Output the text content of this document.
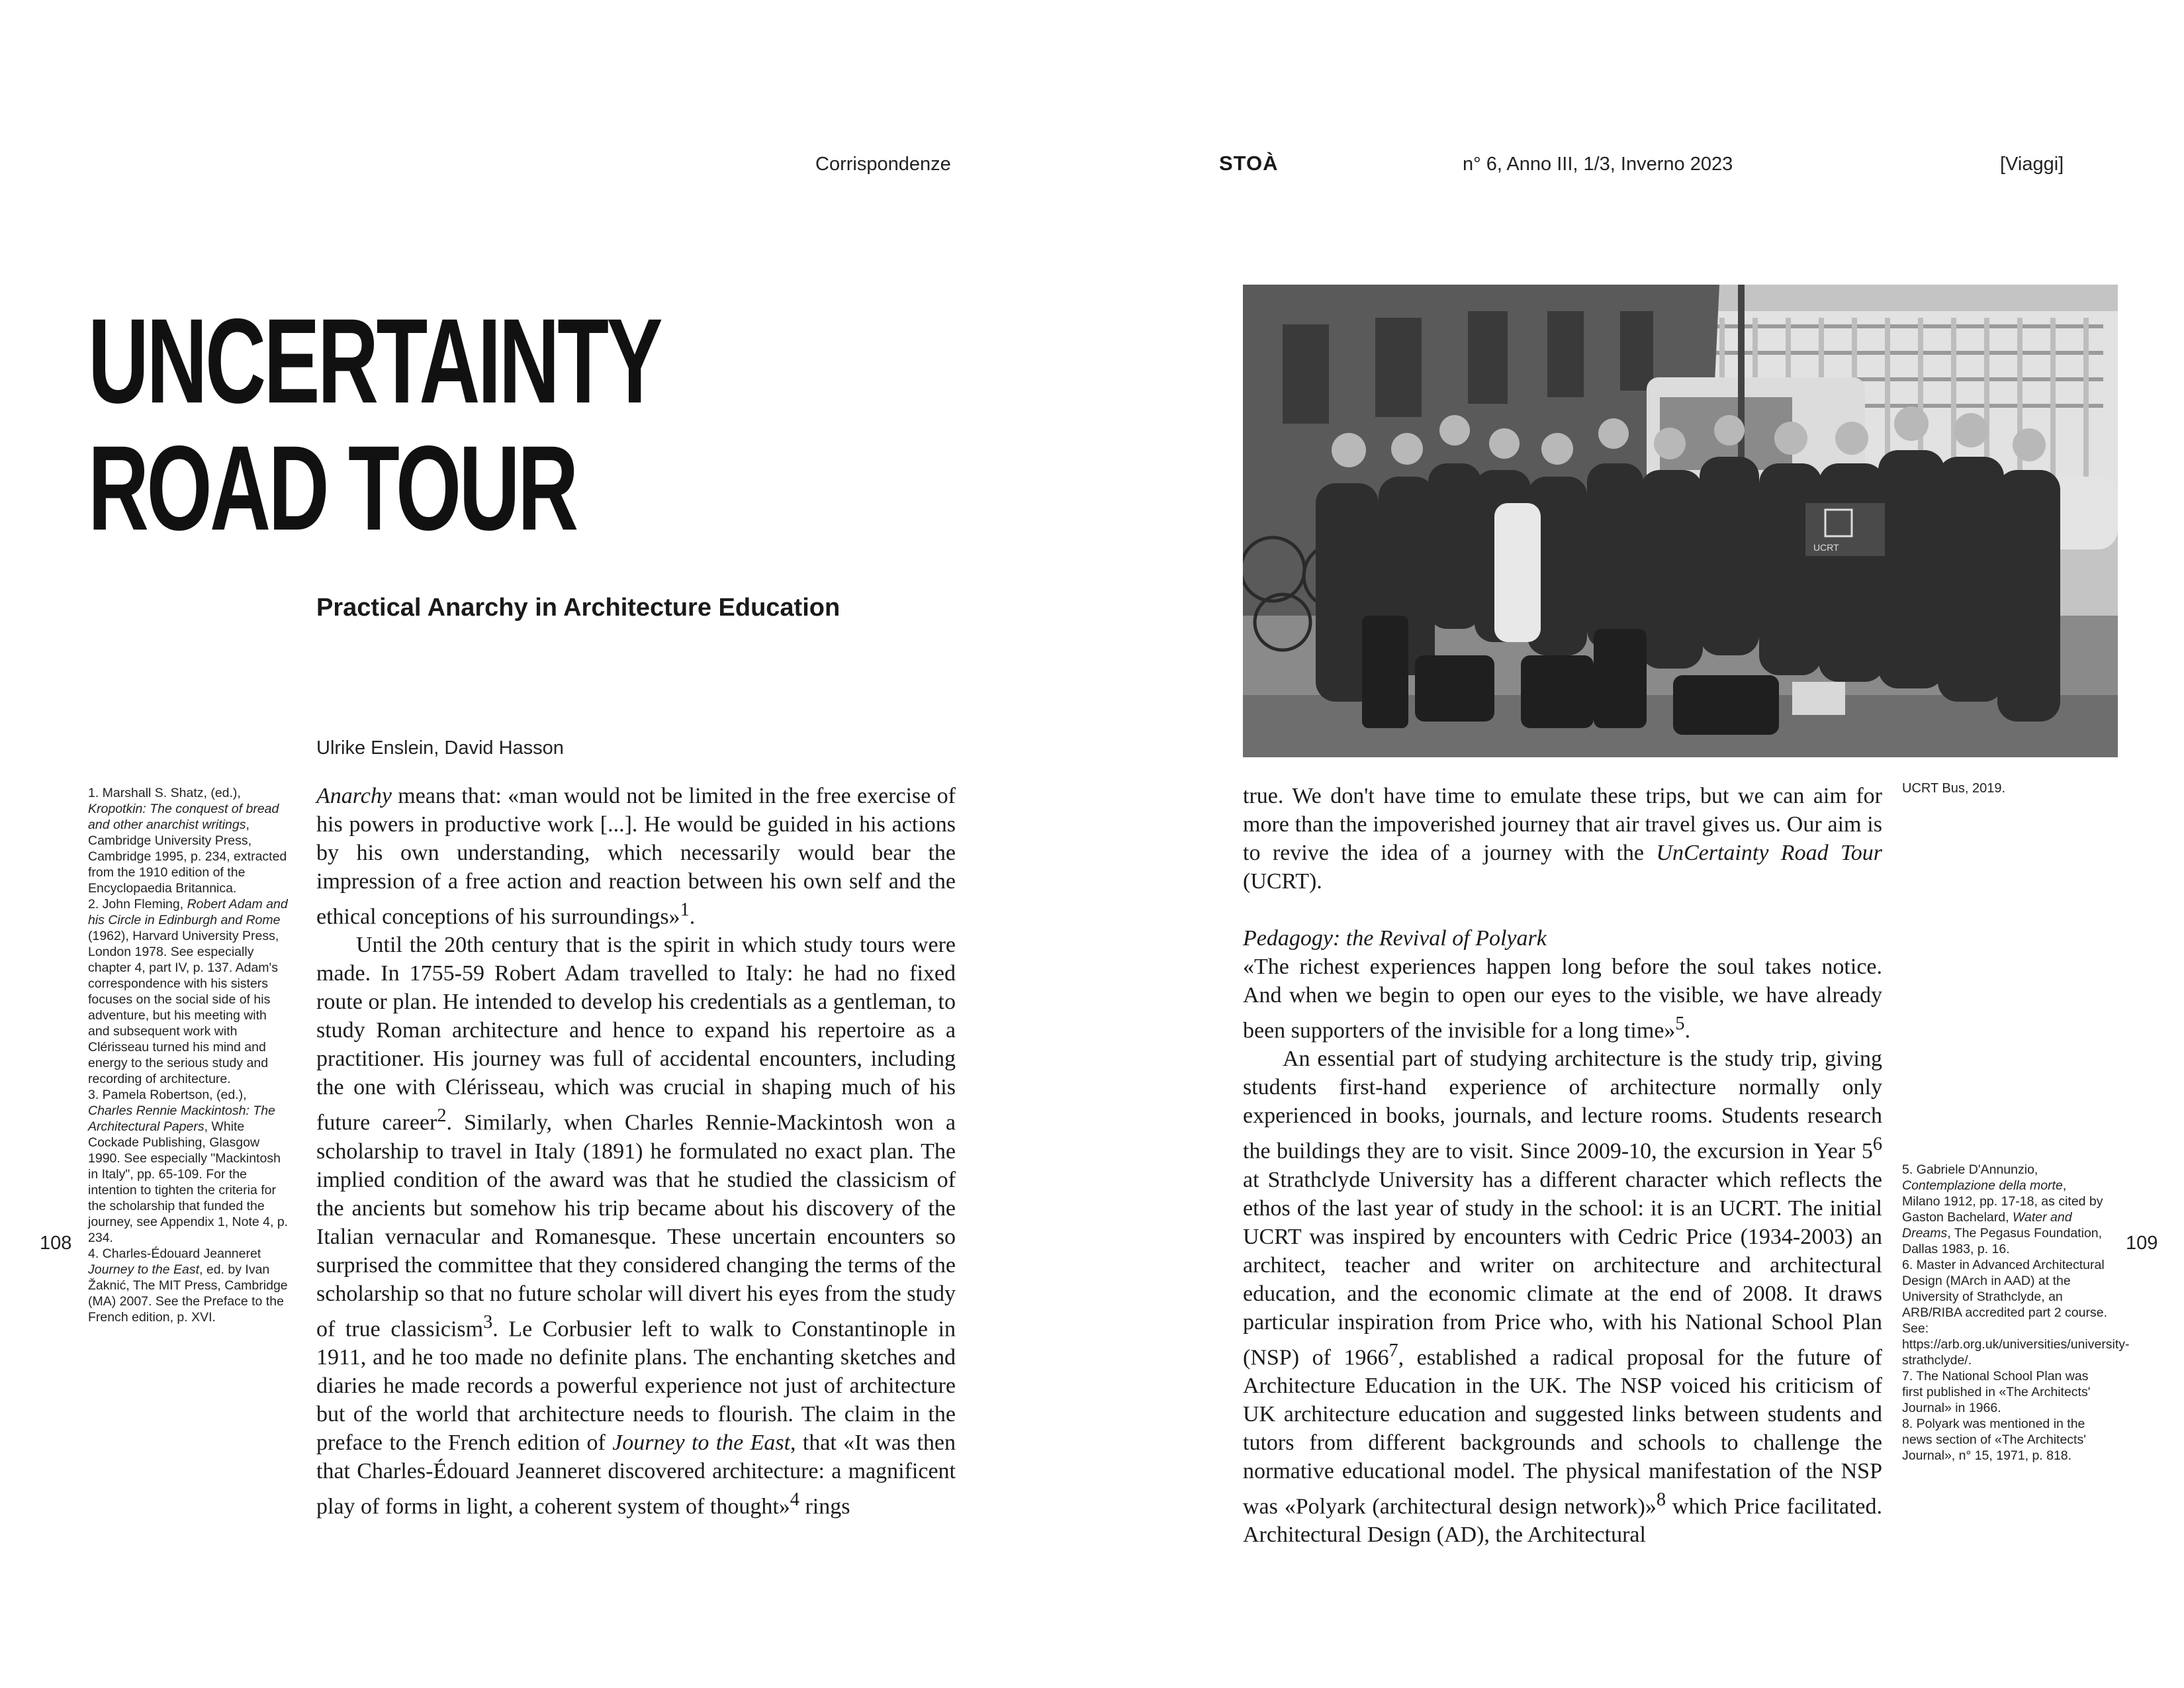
Corrispondenze	STOÀ	n° 6, Anno III, 1/3, Inverno 2023	[Viaggi]
UNCERTAINTY
ROAD TOUR
Practical Anarchy in Architecture Education
Ulrike Enslein, David Hasson
108	109

1. Marshall S. Shatz, (ed.), Kropotkin: The conquest of bread and other anarchist writings, Cambridge University Press, Cambridge 1995, p. 234, extracted from the 1910 edition of the Encyclopaedia Britannica.

2. John Fleming, Robert Adam and his Circle in Edinburgh and Rome (1962), Harvard University Press, London 1978. See especially chapter 4, part IV, p. 137. Adam's correspondence with his sisters focuses on the social side of his adventure, but his meeting with and subsequent work with Clérisseau turned his mind and energy to the serious study and recording of architecture.

3. Pamela Robertson, (ed.), Charles Rennie Mackintosh: The Architectural Papers, White Cockade Publishing, Glasgow 1990. See especially "Mackintosh in Italy", pp. 65-109. For the intention to tighten the criteria for the scholarship that funded the journey, see Appendix 1, Note 4, p. 234.

4. Charles-Édouard Jeanneret Journey to the East, ed. by Ivan Žaknić, The MIT Press, Cambridge (MA) 2007. See the Preface to the French edition, p. XVI.

Anarchy means that: «man would not be limited in the free exercise of his powers in productive work [...]. He would be guided in his actions by his own understanding, which necessarily would bear the impression of a free action and reaction between his own self and the ethical conceptions of his surroundings»$^1$.

Until the 20th century that is the spirit in which study tours were made. In 1755-59 Robert Adam travelled to Italy: he had no fixed route or plan. He intended to develop his credentials as a gentleman, to study Roman architecture and hence to expand his repertoire as a practitioner. His journey was full of accidental encounters, including the one with Clérisseau, which was crucial in shaping much of his future career$^2$. Similarly, when Charles Rennie-Mackintosh won a scholarship to travel in Italy (1891) he formulated no exact plan. The implied condition of the award was that he studied the classicism of the ancients but somehow his trip became about his discovery of the Italian vernacular and Romanesque. These uncertain encounters so surprised the committee that they considered changing the terms of the scholarship so that no future scholar will divert his eyes from the study of true classicism$^3$. Le Corbusier left to walk to Constantinople in 1911, and he too made no definite plans. The enchanting sketches and diaries he made records a powerful experience not just of architecture but of the world that architecture needs to flourish. The claim in the preface to the French edition of Journey to the East, that «It was then that Charles-Édouard Jeanneret discovered architecture: a magnificent play of forms in light, a coherent system of thought»$^4$ rings

UCRT
UCRT Bus, 2019.

true. We don't have time to emulate these trips, but we can aim for more than the impoverished journey that air travel gives us. Our aim is to revive the idea of a journey with the UnCertainty Road Tour (UCRT).

Pedagogy: the Revival of Polyark

«The richest experiences happen long before the soul takes notice. And when we begin to open our eyes to the visible, we have already been supporters of the invisible for a long time»$^5$.

An essential part of studying architecture is the study trip, giving students first-hand experience of architecture normally only experienced in books, journals, and lecture rooms. Students research the buildings they are to visit. Since 2009-10, the excursion in Year $5^6$ at Strathclyde University has a different character which reflects the ethos of the last year of study in the school: it is an UCRT. The initial UCRT was inspired by encounters with Cedric Price (1934-2003) an architect, teacher and writer on architecture and architectural education, and the economic climate at the end of 2008. It draws particular inspiration from Price who, with his National School Plan (NSP) of 1966$^7$, established a radical proposal for the future of Architecture Education in the UK. The NSP voiced his criticism of UK architecture education and suggested links between students and tutors from different backgrounds and schools to challenge the normative educational model. The physical manifestation of the NSP was «Polyark (architectural design network)»$^8$ which Price facilitated. Architectural Design (AD), the Architectural

5. Gabriele D'Annunzio, Contemplazione della morte, Milano 1912, pp. 17-18, as cited by Gaston Bachelard, Water and Dreams, The Pegasus Foundation, Dallas 1983, p. 16.

6. Master in Advanced Architectural Design (MArch in AAD) at the University of Strathclyde, an ARB/RIBA accredited part 2 course. See: https://arb.org.uk/universities/university-strathclyde/.

7. The National School Plan was first published in «The Architects' Journal» in 1966.

8. Polyark was mentioned in the news section of «The Architects' Journal», n° 15, 1971, p. 818.
